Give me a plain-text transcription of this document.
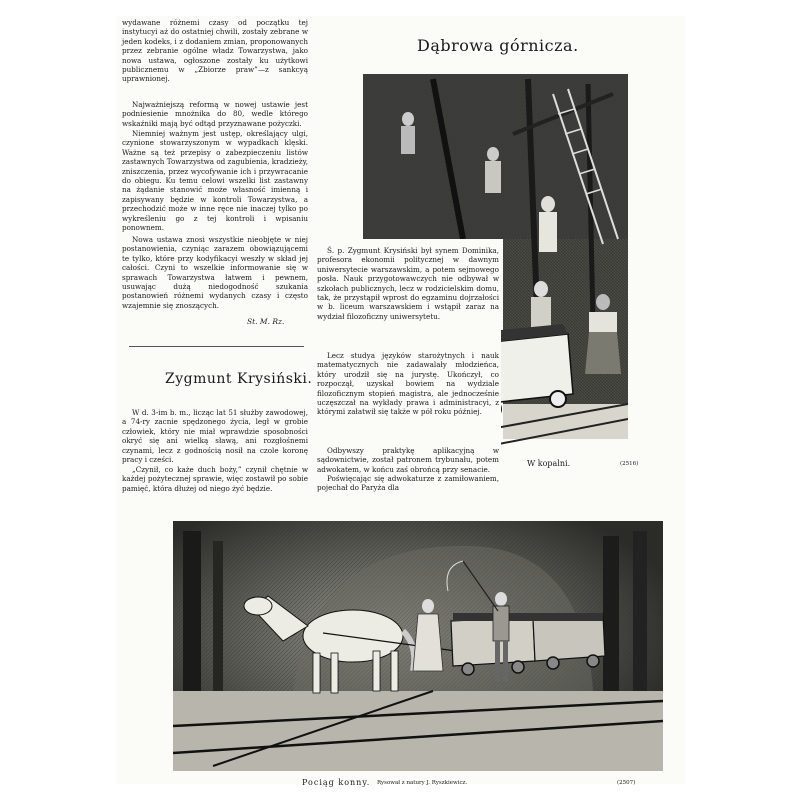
wydawane różnemi czasy od początku tej instytucyi aż do ostatniej chwili, zostały zebrane w jeden kodeks, i z dodaniem zmian, proponowanych przez zebranie ogólne władz Towarzystwa, jako nowa ustawa, ogłoszone zostały ku użytkowi publicznemu w „Zbiorze praw”—z sankcyą uprawnionej.

Najważniejszą reformą w nowej ustawie jest podniesienie mnożnika do 80, wedle którego wskaźniki mają być odtąd przyznawane pożyczki.

Niemniej ważnym jest ustęp, określający ulgi, czynione stowarzyszonym w wypadkach klęski. Ważne są też przepisy o zabezpieczeniu listów zastawnych Towarzystwa od zagubienia, kradzieży, zniszczenia, przez wycofywanie ich i przywracanie do obiegu. Ku temu celowi wszelki list zastawny na żądanie stanowić może własność imienną i zapisywany będzie w kontroli Towarzystwa, a przechodzić może w inne ręce nie inaczej tylko po wykreśleniu go z tej kontroli i wpisaniu ponownem.

Nowa ustawa znosi wszystkie nieobjęte w niej postanowienia, czyniąc zarazem obowiązującemi te tylko, które przy kodyfikacyi weszły w skład jej całości. Czyni to wszelkie informowanie się w sprawach Towarzystwa łatwem i pewnem, usuwając dużą niedogodność szukania postanowień różnemi wydanych czasy i często wzajemnie się znoszących.

St. M. Rz.
Zygmunt Krysiński.

W d. 3-im b. m., licząc lat 51 służby zawodowej, a 74-ry zacnie spędzonego życia, legł w grobie człowiek, który nie miał wprawdzie sposobności okryć się ani wielką sławą, ani rozgłośnemi czynami, lecz z godnością nosił na czole koronę pracy i cześci.

„Czynił, co każe duch boży,” czynił chętnie w każdej pożytecznej sprawie, więc zostawił po sobie pamięć, która dłużej od niego żyć będzie.

Dąbrowa górnicza.

Ś. p. Zygmunt Krysiński był synem Dominika, profesora ekonomii politycznej w dawnym uniwersytecie warszawskim, a potem sejmowego posła. Nauk przygotowawczych nie odbywał w szkołach publicznych, lecz w rodzicielskim domu, tak, że przystąpił wprost do egzaminu dojrzałości w b. liceum warszawskiem i wstąpił zaraz na wydział filozoficzny uniwersytetu.

Lecz studya języków starożytnych i nauk matematycznych nie zadawalały młodzieńca, który urodził się na jurystę. Ukończył, co rozpoczął, uzyskał bowiem na wydziale filozoficznym stopień magistra, ale jednocześnie uczęszczał na wykłady prawa i administracyi, z którymi załatwił się także w pół roku później.

Odbywszy praktykę aplikacyjną w sądownictwie, został patronem trybunału, potem adwokatem, w końcu zaś obrońcą przy senacie.

Poświęcając się adwokaturze z zamiłowaniem, pojechał do Paryża dla

W kopalni.	(2516)
Pociąg konny. Rysował z natury J. Ryszkiewicz.	(2507)
